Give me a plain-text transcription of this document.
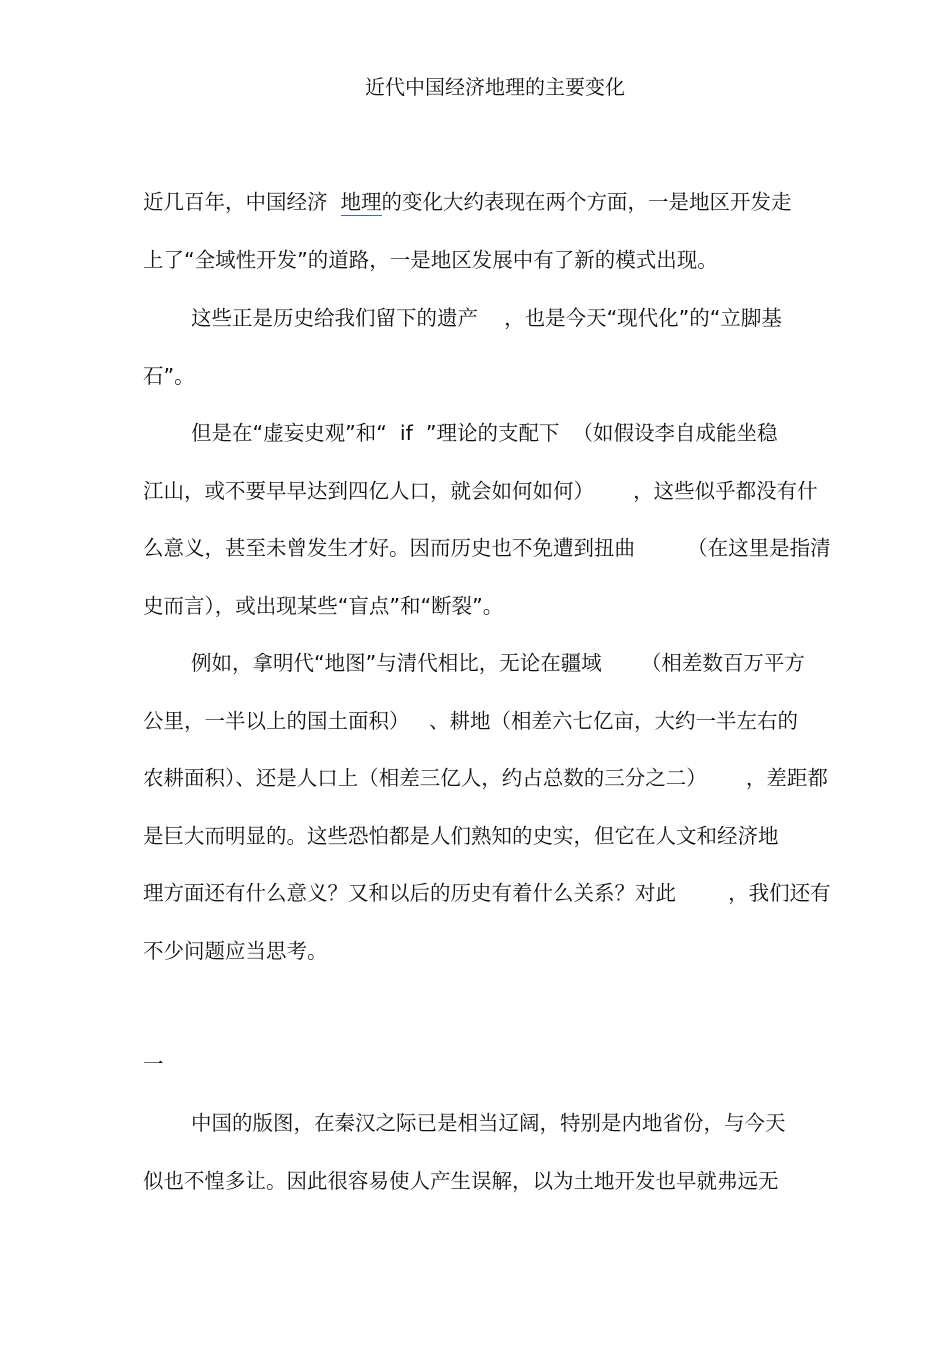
近代中国经济地理的主要变化
近几百年，中国经济  地理的变化大约表现在两个方面，一是地区开发走
上了“全域性开发”的道路，一是地区发展中有了新的模式出现。
这些正是历史给我们留下的遗产    ，也是今天“现代化”的“立脚基
石”。
但是在“虚妄史观”和“  if  ”理论的支配下  （如假设李自成能坐稳
江山，或不要早早达到四亿人口，就会如何如何）      ，这些似乎都没有什
么意义，甚至未曾发生才好。因而历史也不免遭到扭曲        （在这里是指清
史而言），或出现某些“盲点”和“断裂”。
例如，拿明代“地图”与清代相比，无论在疆域      （相差数百万平方
公里，一半以上的国土面积）   、耕地（相差六七亿亩，大约一半左右的
农耕面积）、还是人口上（相差三亿人，约占总数的三分之二）      ，差距都
是巨大而明显的。这些恐怕都是人们熟知的史实，但它在人文和经济地
理方面还有什么意义？又和以后的历史有着什么关系？对此        ，我们还有
不少问题应当思考。
一
中国的版图，在秦汉之际已是相当辽阔，特别是内地省份，与今天
似也不惶多让。因此很容易使人产生误解，以为土地开发也早就弗远无
